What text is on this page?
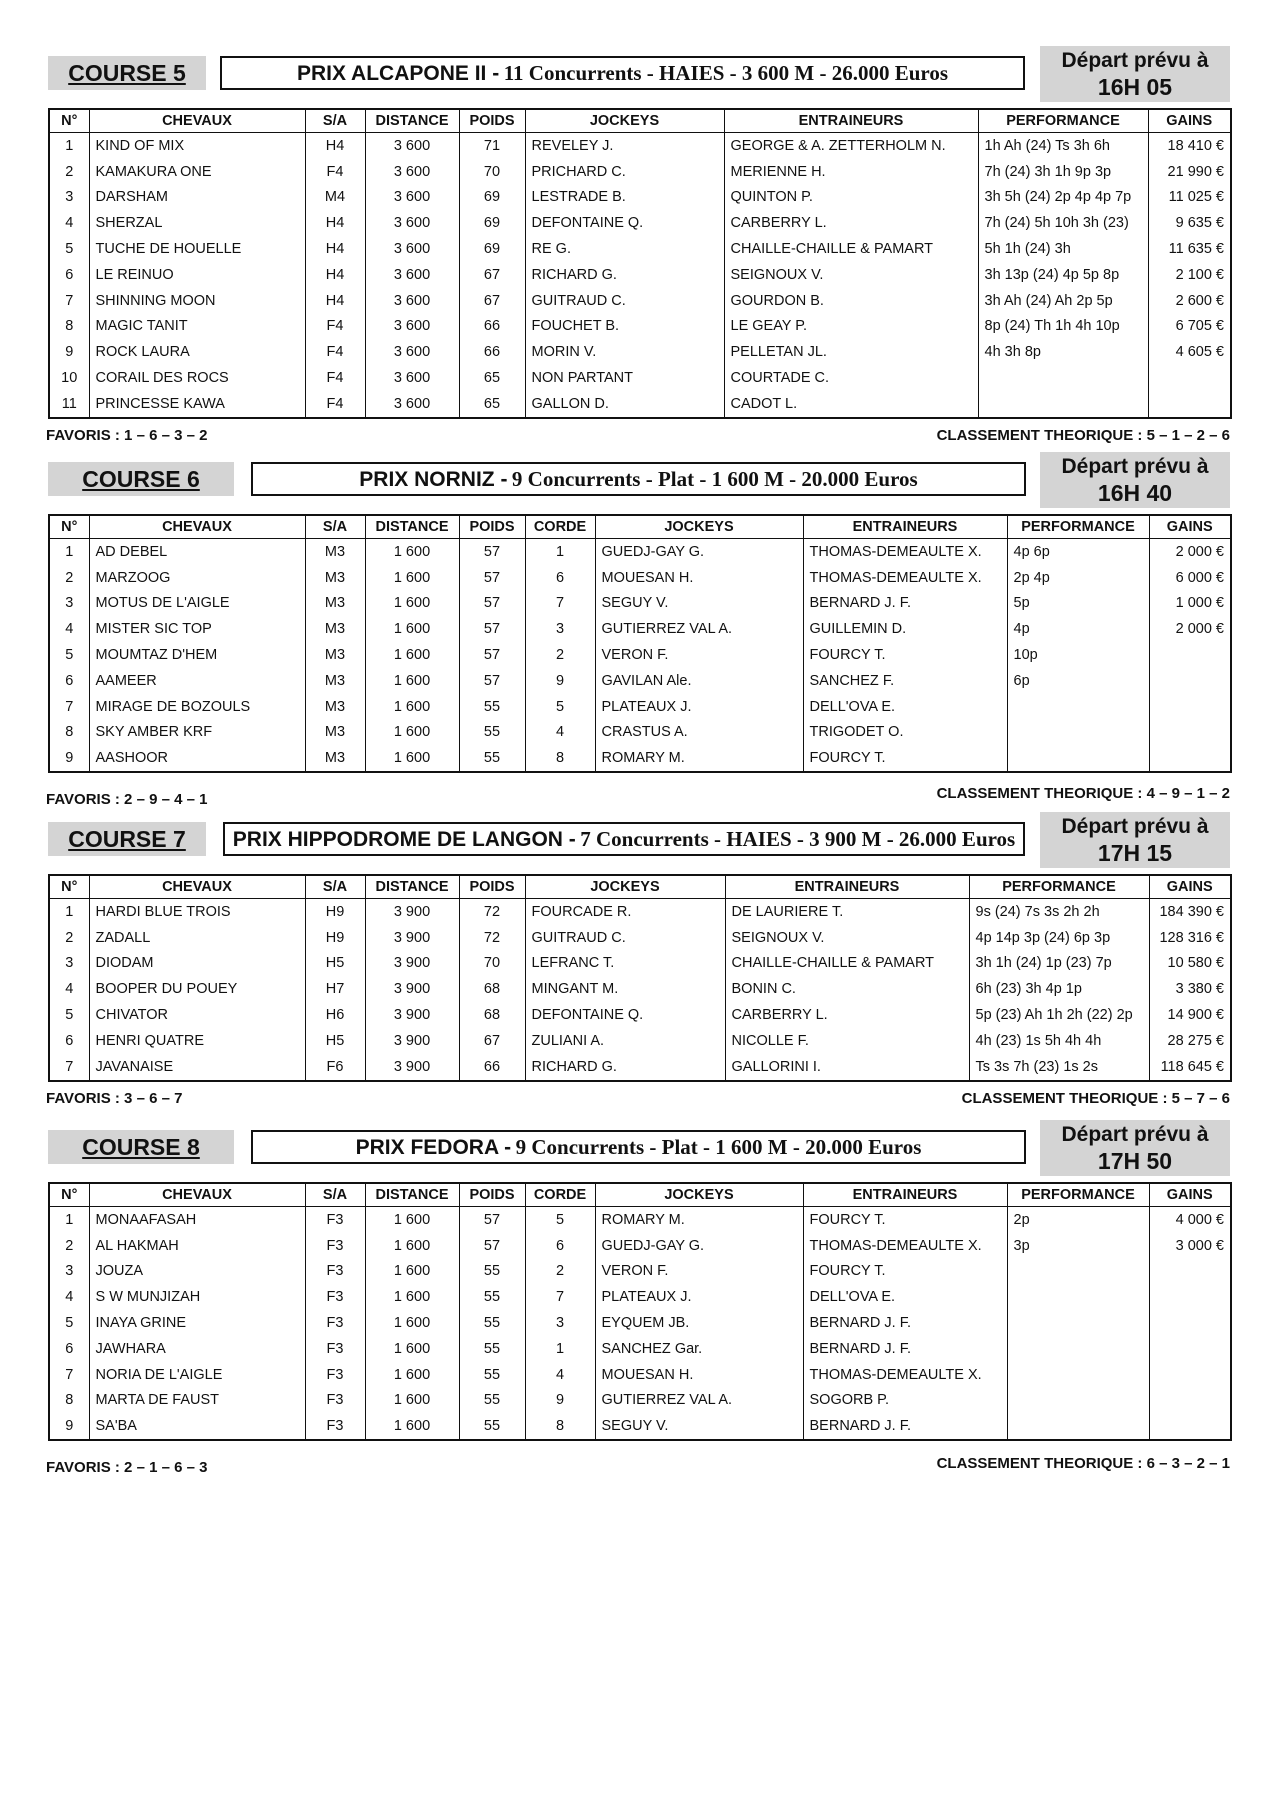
COURSE 5	PRIX ALCAPONE II - 11 Concurrents - HAIES - 3 600 M - 26.000 Euros
Départ prévu à
16H 05
N°	CHEVAUX	S/A	DISTANCE	POIDS	JOCKEYS	ENTRAINEURS	PERFORMANCE	GAINS
1	KIND OF MIX	H4	3 600	71	REVELEY J.	GEORGE & A. ZETTERHOLM N.	1h Ah (24) Ts 3h 6h	18 410 €
2	KAMAKURA ONE	F4	3 600	70	PRICHARD C.	MERIENNE H.	7h (24) 3h 1h 9p 3p	21 990 €
3	DARSHAM	M4	3 600	69	LESTRADE B.	QUINTON P.	3h 5h (24) 2p 4p 4p 7p	11 025 €
4	SHERZAL	H4	3 600	69	DEFONTAINE Q.	CARBERRY L.	7h (24) 5h 10h 3h (23)	9 635 €
5	TUCHE DE HOUELLE	H4	3 600	69	RE G.	CHAILLE-CHAILLE & PAMART	5h 1h (24) 3h	11 635 €
6	LE REINUO	H4	3 600	67	RICHARD G.	SEIGNOUX V.	3h 13p (24) 4p 5p 8p	2 100 €
7	SHINNING MOON	H4	3 600	67	GUITRAUD C.	GOURDON B.	3h Ah (24) Ah 2p 5p	2 600 €
8	MAGIC TANIT	F4	3 600	66	FOUCHET B.	LE GEAY P.	8p (24) Th 1h 4h 10p	6 705 €
9	ROCK LAURA	F4	3 600	66	MORIN V.	PELLETAN JL.	4h 3h 8p	4 605 €
10	CORAIL DES ROCS	F4	3 600	65	NON PARTANT	COURTADE C.		
11	PRINCESSE KAWA	F4	3 600	65	GALLON D.	CADOT L.		
FAVORIS : 1 – 6 – 3 – 2	CLASSEMENT THEORIQUE : 5 – 1 – 2 – 6
COURSE 6	PRIX NORNIZ - 9 Concurrents - Plat - 1 600 M - 20.000 Euros
Départ prévu à
16H 40
N°	CHEVAUX	S/A	DISTANCE	POIDS	CORDE	JOCKEYS	ENTRAINEURS	PERFORMANCE	GAINS
1	AD DEBEL	M3	1 600	57	1	GUEDJ-GAY G.	THOMAS-DEMEAULTE X.	4p 6p	2 000 €
2	MARZOOG	M3	1 600	57	6	MOUESAN H.	THOMAS-DEMEAULTE X.	2p 4p	6 000 €
3	MOTUS DE L'AIGLE	M3	1 600	57	7	SEGUY V.	BERNARD J. F.	5p	1 000 €
4	MISTER SIC TOP	M3	1 600	57	3	GUTIERREZ VAL A.	GUILLEMIN D.	4p	2 000 €
5	MOUMTAZ D'HEM	M3	1 600	57	2	VERON F.	FOURCY T.	10p	
6	AAMEER	M3	1 600	57	9	GAVILAN Ale.	SANCHEZ F.	6p	
7	MIRAGE DE BOZOULS	M3	1 600	55	5	PLATEAUX J.	DELL'OVA E.		
8	SKY AMBER KRF	M3	1 600	55	4	CRASTUS A.	TRIGODET O.		
9	AASHOOR	M3	1 600	55	8	ROMARY M.	FOURCY T.		
FAVORIS : 2 – 9 – 4 – 1	CLASSEMENT THEORIQUE : 4 – 9 – 1 – 2
COURSE 7	PRIX HIPPODROME DE LANGON - 7 Concurrents - HAIES - 3 900 M - 26.000 Euros
Départ prévu à
17H 15
N°	CHEVAUX	S/A	DISTANCE	POIDS	JOCKEYS	ENTRAINEURS	PERFORMANCE	GAINS
1	HARDI BLUE TROIS	H9	3 900	72	FOURCADE R.	DE LAURIERE T.	9s (24) 7s 3s 2h 2h	184 390 €
2	ZADALL	H9	3 900	72	GUITRAUD C.	SEIGNOUX V.	4p 14p 3p (24) 6p 3p	128 316 €
3	DIODAM	H5	3 900	70	LEFRANC T.	CHAILLE-CHAILLE & PAMART	3h 1h (24) 1p (23) 7p	10 580 €
4	BOOPER DU POUEY	H7	3 900	68	MINGANT M.	BONIN C.	6h (23) 3h 4p 1p	3 380 €
5	CHIVATOR	H6	3 900	68	DEFONTAINE Q.	CARBERRY L.	5p (23) Ah 1h 2h (22) 2p	14 900 €
6	HENRI QUATRE	H5	3 900	67	ZULIANI A.	NICOLLE F.	4h (23) 1s 5h 4h 4h	28 275 €
7	JAVANAISE	F6	3 900	66	RICHARD G.	GALLORINI I.	Ts 3s 7h (23) 1s 2s	118 645 €
FAVORIS : 3 – 6 – 7	CLASSEMENT THEORIQUE : 5 – 7 – 6
COURSE 8	PRIX FEDORA - 9 Concurrents - Plat - 1 600 M - 20.000 Euros
Départ prévu à
17H 50
N°	CHEVAUX	S/A	DISTANCE	POIDS	CORDE	JOCKEYS	ENTRAINEURS	PERFORMANCE	GAINS
1	MONAAFASAH	F3	1 600	57	5	ROMARY M.	FOURCY T.	2p	4 000 €
2	AL HAKMAH	F3	1 600	57	6	GUEDJ-GAY G.	THOMAS-DEMEAULTE X.	3p	3 000 €
3	JOUZA	F3	1 600	55	2	VERON F.	FOURCY T.		
4	S W MUNJIZAH	F3	1 600	55	7	PLATEAUX J.	DELL'OVA E.		
5	INAYA GRINE	F3	1 600	55	3	EYQUEM JB.	BERNARD J. F.		
6	JAWHARA	F3	1 600	55	1	SANCHEZ Gar.	BERNARD J. F.		
7	NORIA DE L'AIGLE	F3	1 600	55	4	MOUESAN H.	THOMAS-DEMEAULTE X.		
8	MARTA DE FAUST	F3	1 600	55	9	GUTIERREZ VAL A.	SOGORB P.		
9	SA'BA	F3	1 600	55	8	SEGUY V.	BERNARD J. F.		
FAVORIS : 2 – 1 – 6 – 3	CLASSEMENT THEORIQUE : 6 – 3 – 2 – 1
